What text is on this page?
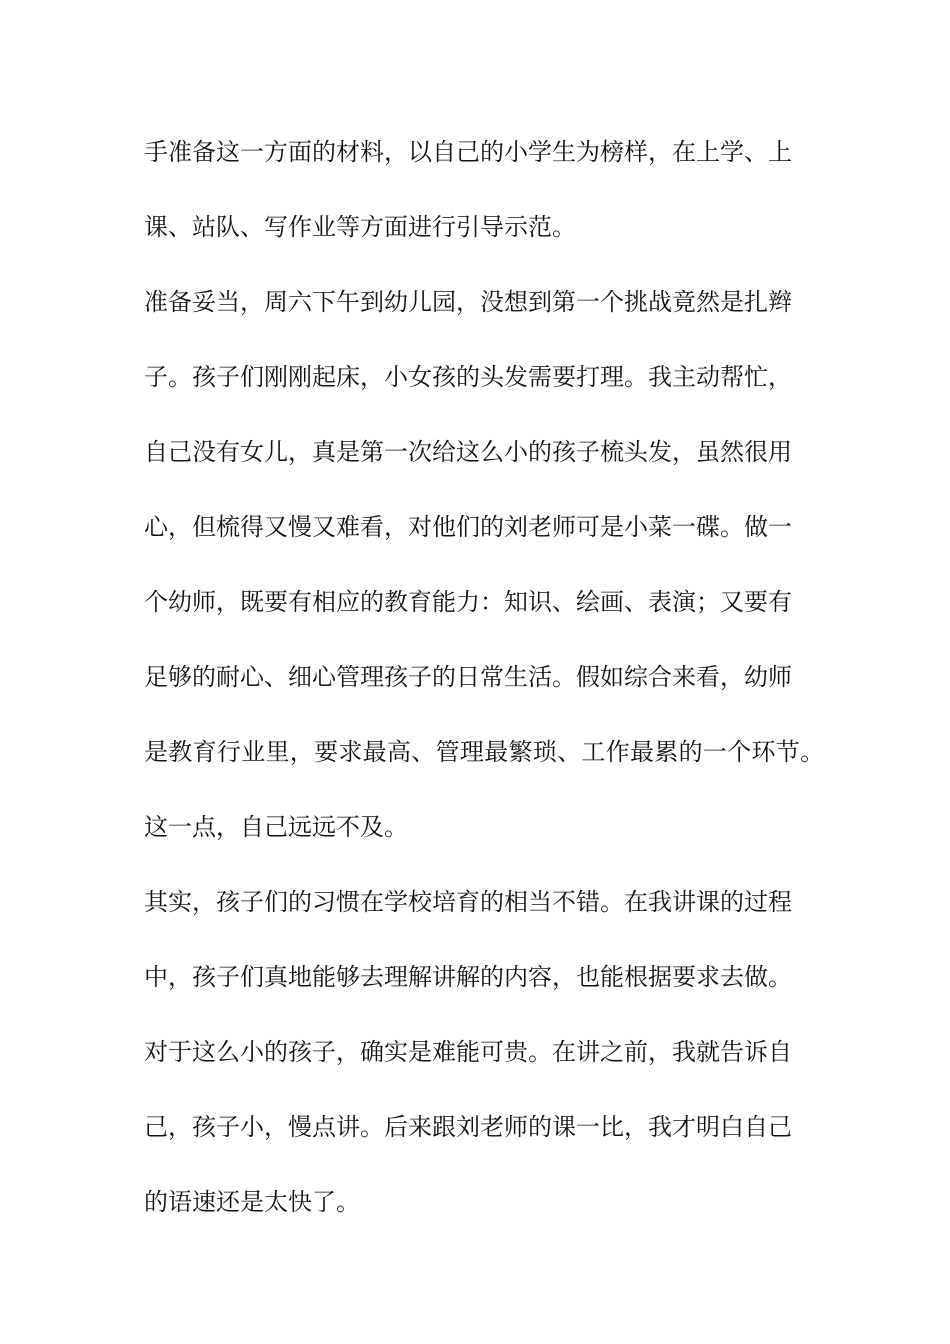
手准备这一方面的材料，以自己的小学生为榜样，在上学、上
课、站队、写作业等方面进行引导示范。
准备妥当，周六下午到幼儿园，没想到第一个挑战竟然是扎辫
子。孩子们刚刚起床，小女孩的头发需要打理。我主动帮忙，
自己没有女儿，真是第一次给这么小的孩子梳头发，虽然很用
心，但梳得又慢又难看，对他们的刘老师可是小菜一碟。做一
个幼师，既要有相应的教育能力：知识、绘画、表演；又要有
足够的耐心、细心管理孩子的日常生活。假如综合来看，幼师
是教育行业里，要求最高、管理最繁琐、工作最累的一个环节。
这一点，自己远远不及。
其实，孩子们的习惯在学校培育的相当不错。在我讲课的过程
中，孩子们真地能够去理解讲解的内容，也能根据要求去做。
对于这么小的孩子，确实是难能可贵。在讲之前，我就告诉自
己，孩子小，慢点讲。后来跟刘老师的课一比，我才明白自己
的语速还是太快了。
